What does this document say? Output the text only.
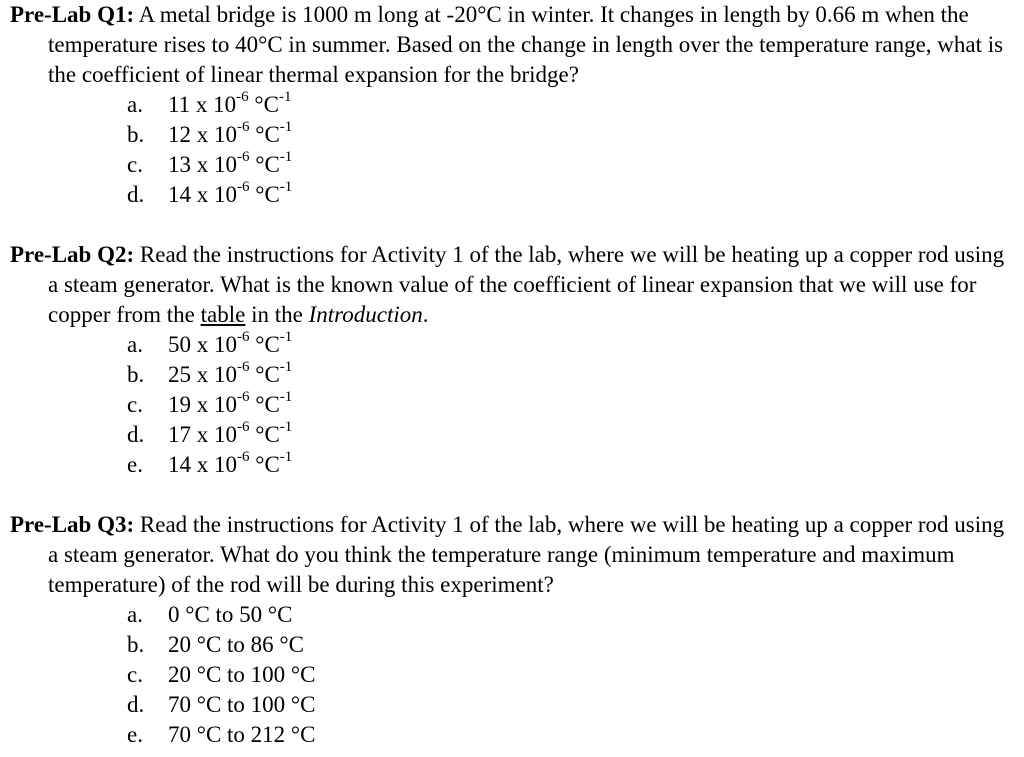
Pre-Lab Q1: A metal bridge is 1000 m long at -20°C in winter. It changes in length by 0.66 m when the temperature rises to 40°C in summer. Based on the change in length over the temperature range, what is the coefficient of linear thermal expansion for the bridge?

a. 11 x $10^{-6}$ $^\circ C^{-1}$
b. 12 x $10^{-6}$ $^\circ C^{-1}$
c. 13 x $10^{-6}$ $^\circ C^{-1}$
d. 14 x $10^{-6}$ $^\circ C^{-1}$

Pre-Lab Q2: Read the instructions for Activity 1 of the lab, where we will be heating up a copper rod using a steam generator. What is the known value of the coefficient of linear expansion that we will use for copper from the table in the Introduction.

a. 50 x $10^{-6}$ $^\circ C^{-1}$
b. 25 x $10^{-6}$ $^\circ C^{-1}$
c. 19 x $10^{-6}$ $^\circ C^{-1}$
d. 17 x $10^{-6}$ $^\circ C^{-1}$
e. 14 x $10^{-6}$ $^\circ C^{-1}$

Pre-Lab Q3: Read the instructions for Activity 1 of the lab, where we will be heating up a copper rod using a steam generator. What do you think the temperature range (minimum temperature and maximum temperature) of the rod will be during this experiment?

a. 0 °C to 50 °C
b. 20 °C to 86 °C
c. 20 °C to 100 °C
d. 70 °C to 100 °C
e. 70 °C to 212 °C
